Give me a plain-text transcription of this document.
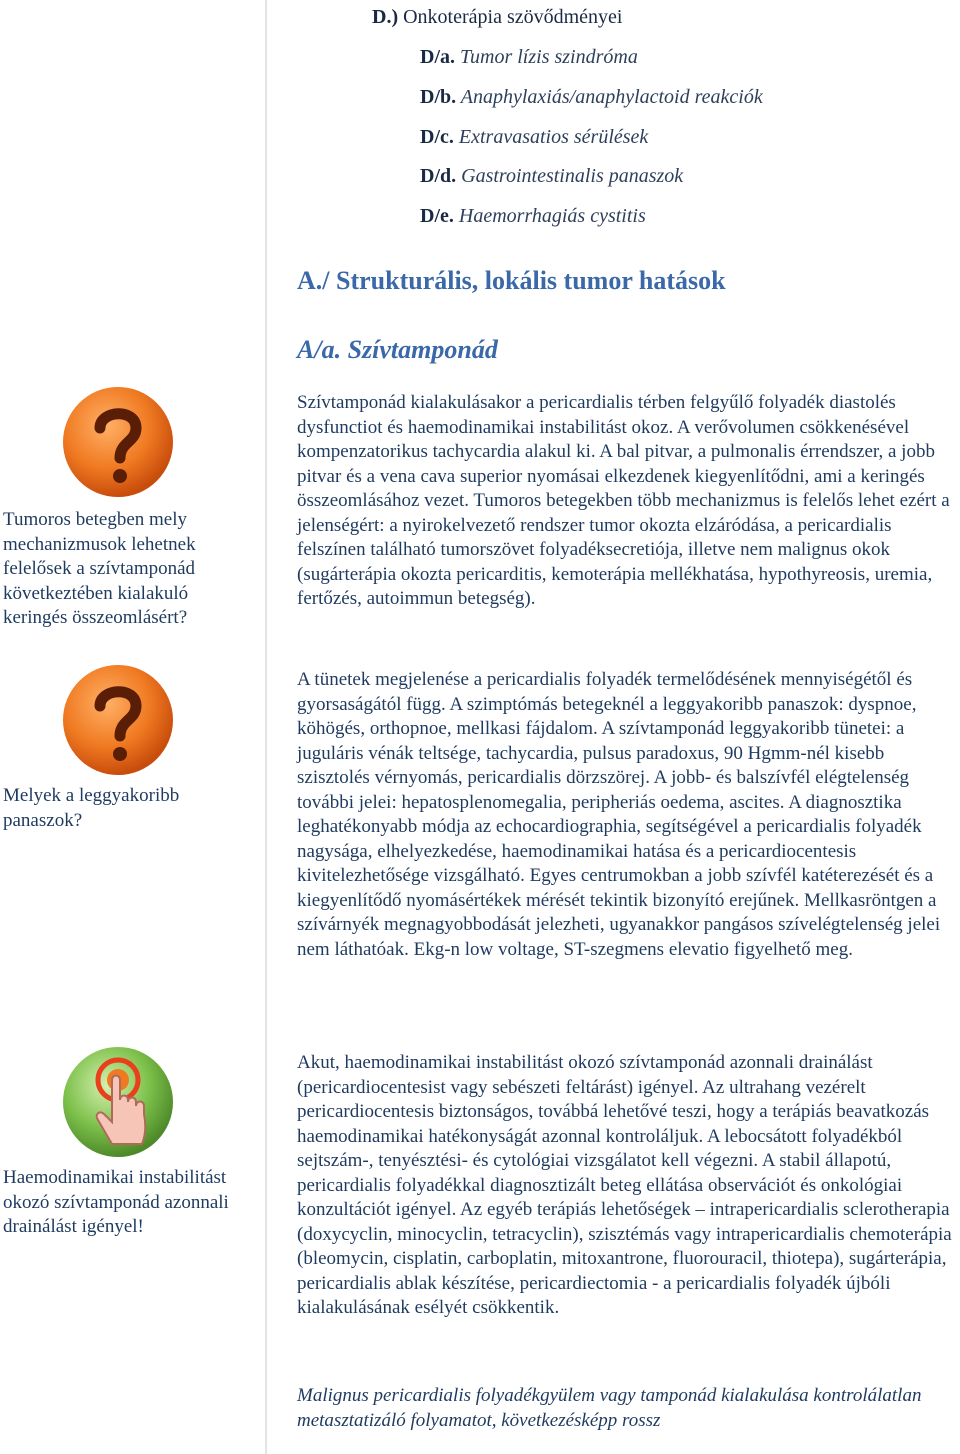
Tumoros betegben mely mechanizmusok lehetnek felelősek a szívtamponád következtében kialakuló keringés összeomlásért?
Melyek a leggyakoribb panaszok?
Haemodinamikai instabilitást okozó szívtamponád azonnali drainálást igényel!
D.) Onkoterápia szövődményei
D/a. Tumor lízis szindróma
D/b. Anaphylaxiás/anaphylactoid reakciók
D/c. Extravasatios sérülések
D/d. Gastrointestinalis panaszok
D/e. Haemorrhagiás cystitis
A./ Strukturális, lokális tumor hatások
A/a. Szívtamponád
Szívtamponád kialakulásakor a pericardialis térben felgyűlő folyadék diastolés dysfunctiot és haemodinamikai instabilitást okoz. A verővolumen csökkenésével kompenzatorikus tachycardia alakul ki. A bal pitvar, a pulmonalis érrendszer, a jobb pitvar és a vena cava superior nyomásai elkezdenek kiegyenlítődni, ami a keringés összeomlásához vezet. Tumoros betegekben több mechanizmus is felelős lehet ezért a jelenségért: a nyirokelvezető rendszer tumor okozta elzáródása, a pericardialis felszínen található tumorszövet folyadéksecretiója, illetve nem malignus okok (sugárterápia okozta pericarditis, kemoterápia mellékhatása, hypothyreosis, uremia, fertőzés, autoimmun betegség).
A tünetek megjelenése a pericardialis folyadék termelődésének mennyiségétől és gyorsaságától függ. A szimptómás betegeknél a leggyakoribb panaszok: dyspnoe, köhögés, orthopnoe, mellkasi fájdalom. A szívtamponád leggyakoribb tünetei: a juguláris vénák teltsége, tachycardia, pulsus paradoxus, 90 Hgmm-nél kisebb szisztolés vérnyomás, pericardialis dörzszörej. A jobb- és balszívfél elégtelenség további jelei: hepatosplenomegalia, peripheriás oedema, ascites. A diagnosztika leghatékonyabb módja az echocardiographia, segítségével a pericardialis folyadék nagysága, elhelyezkedése, haemodinamikai hatása és a pericardiocentesis kivitelezhetősége vizsgálható. Egyes centrumokban a jobb szívfél katéterezését és a kiegyenlítődő nyomásértékek mérését tekintik bizonyító erejűnek. Mellkasröntgen a szívárnyék megnagyobbodását jelezheti, ugyanakkor pangásos szívelégtelenség jelei nem láthatóak. Ekg-n low voltage, ST-szegmens elevatio figyelhető meg.
Akut, haemodinamikai instabilitást okozó szívtamponád azonnali drainálást (pericardiocentesist vagy sebészeti feltárást) igényel. Az ultrahang vezérelt pericardiocentesis biztonságos, továbbá lehetővé teszi, hogy a terápiás beavatkozás haemodinamikai hatékonyságát azonnal kontroláljuk. A lebocsátott folyadékból sejtszám-, tenyésztési- és cytológiai vizsgálatot kell végezni. A stabil állapotú, pericardialis folyadékkal diagnosztizált beteg ellátása observációt és onkológiai konzultációt igényel. Az egyéb terápiás lehetőségek – intrapericardialis sclerotherapia (doxycyclin, minocyclin, tetracyclin), szisztémás vagy intrapericardialis chemoterápia (bleomycin, cisplatin, carboplatin, mitoxantrone, fluorouracil, thiotepa), sugárterápia, pericardialis ablak készítése, pericardiectomia - a pericardialis folyadék újbóli kialakulásának esélyét csökkentik.
Malignus pericardialis folyadékgyülem vagy tamponád kialakulása kontrolálatlan metasztatizáló folyamatot, következésképp rossz
